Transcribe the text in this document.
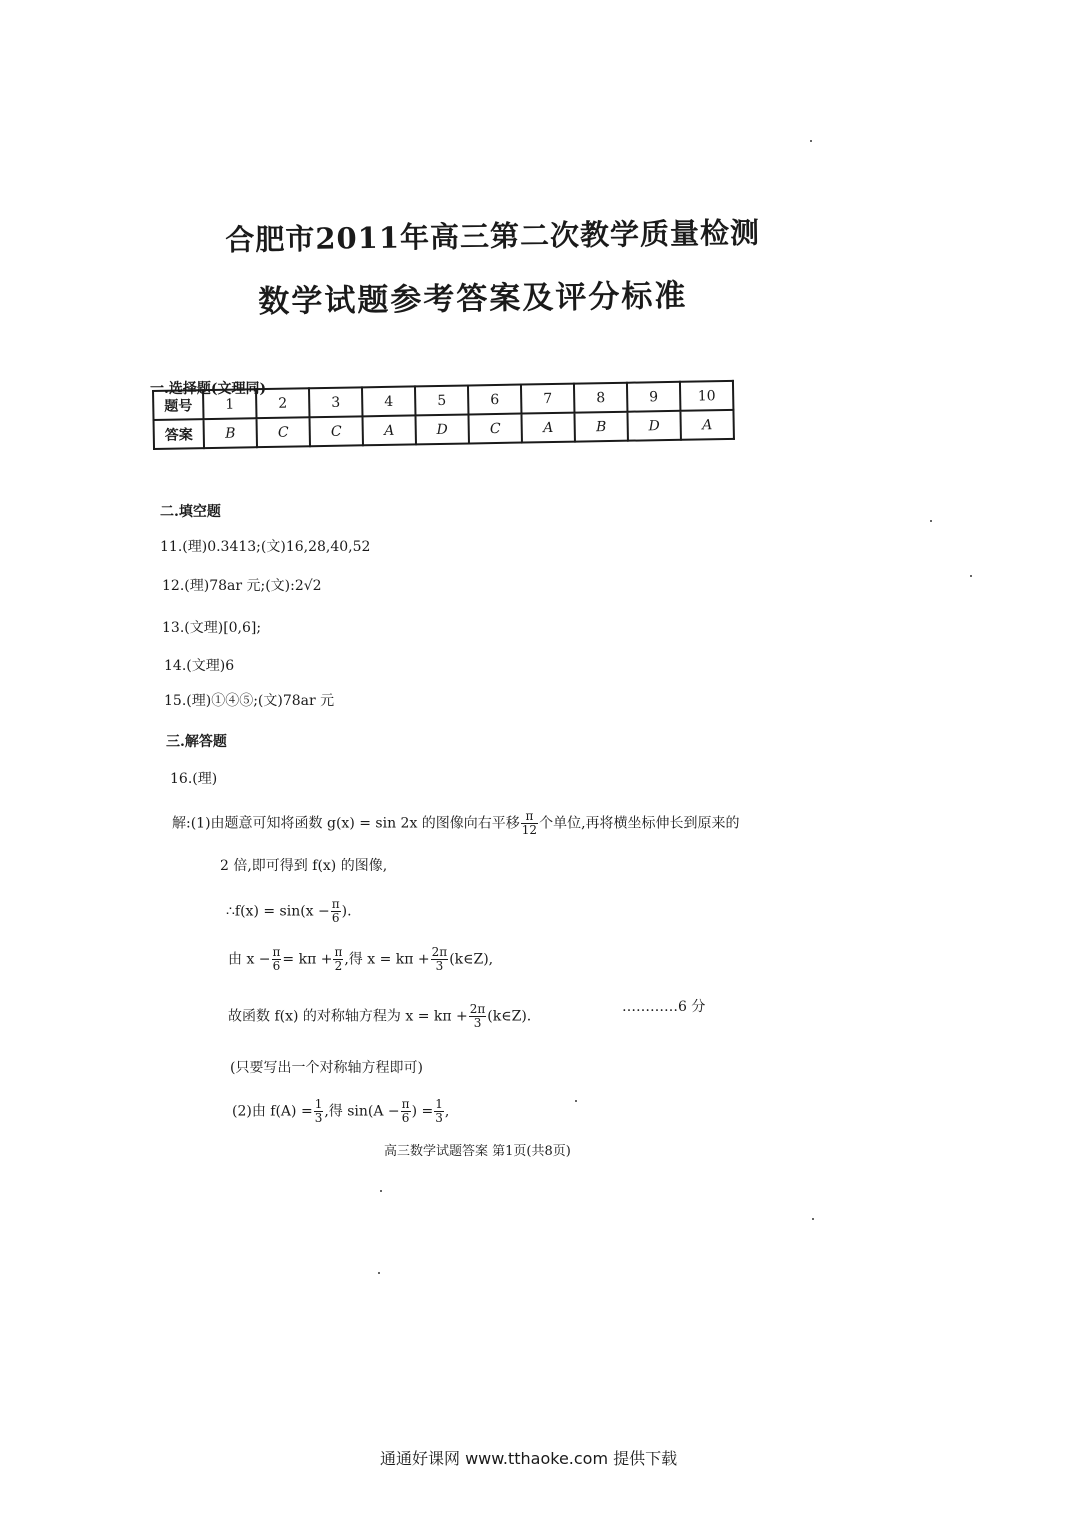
合肥市2011年高三第二次教学质量检测
数学试题参考答案及评分标准
一.选择题(文理同)
题号	1	2	3	4	5	6	7	8	9	10
答案	B	C	C	A	D	C	A	B	D	A
二.填空题
11.(理)0.3413;(文)16,28,40,52
12.(理)78ar 元;(文):2√2
13.(文理)[0,6];
14.(文理)6
15.(理)①④⑤;(文)78ar 元
三.解答题
16.(理)
解:(1)由题意可知将函数 g(x) = sin 2x 的图像向右平移 $\frac{\pi}{12}$ 个单位,再将横坐标伸长到原来的
2 倍,即可得到 f(x) 的图像,
∴f(x) = $\sin(x - \frac{\pi}{6}$ ).
由 $x - \frac{\pi}{6} = k\pi + \frac{\pi}{2}$ ,得 $x = k\pi + \frac{2\pi}{3}$ (k∈Z),
故函数 f(x) 的对称轴方程为 $x = k\pi + \frac{2\pi}{3}$ (k∈Z).
…………6 分
(只要写出一个对称轴方程即可)
(2)由 $f(A) = \frac{1}{3}$ ,得 $\sin(A - \frac{\pi}{6}$ ) = $\frac{1}{3}$ ,
高三数学试题答案 第1页(共8页)
通通好课网 www.tthaoke.com 提供下载
